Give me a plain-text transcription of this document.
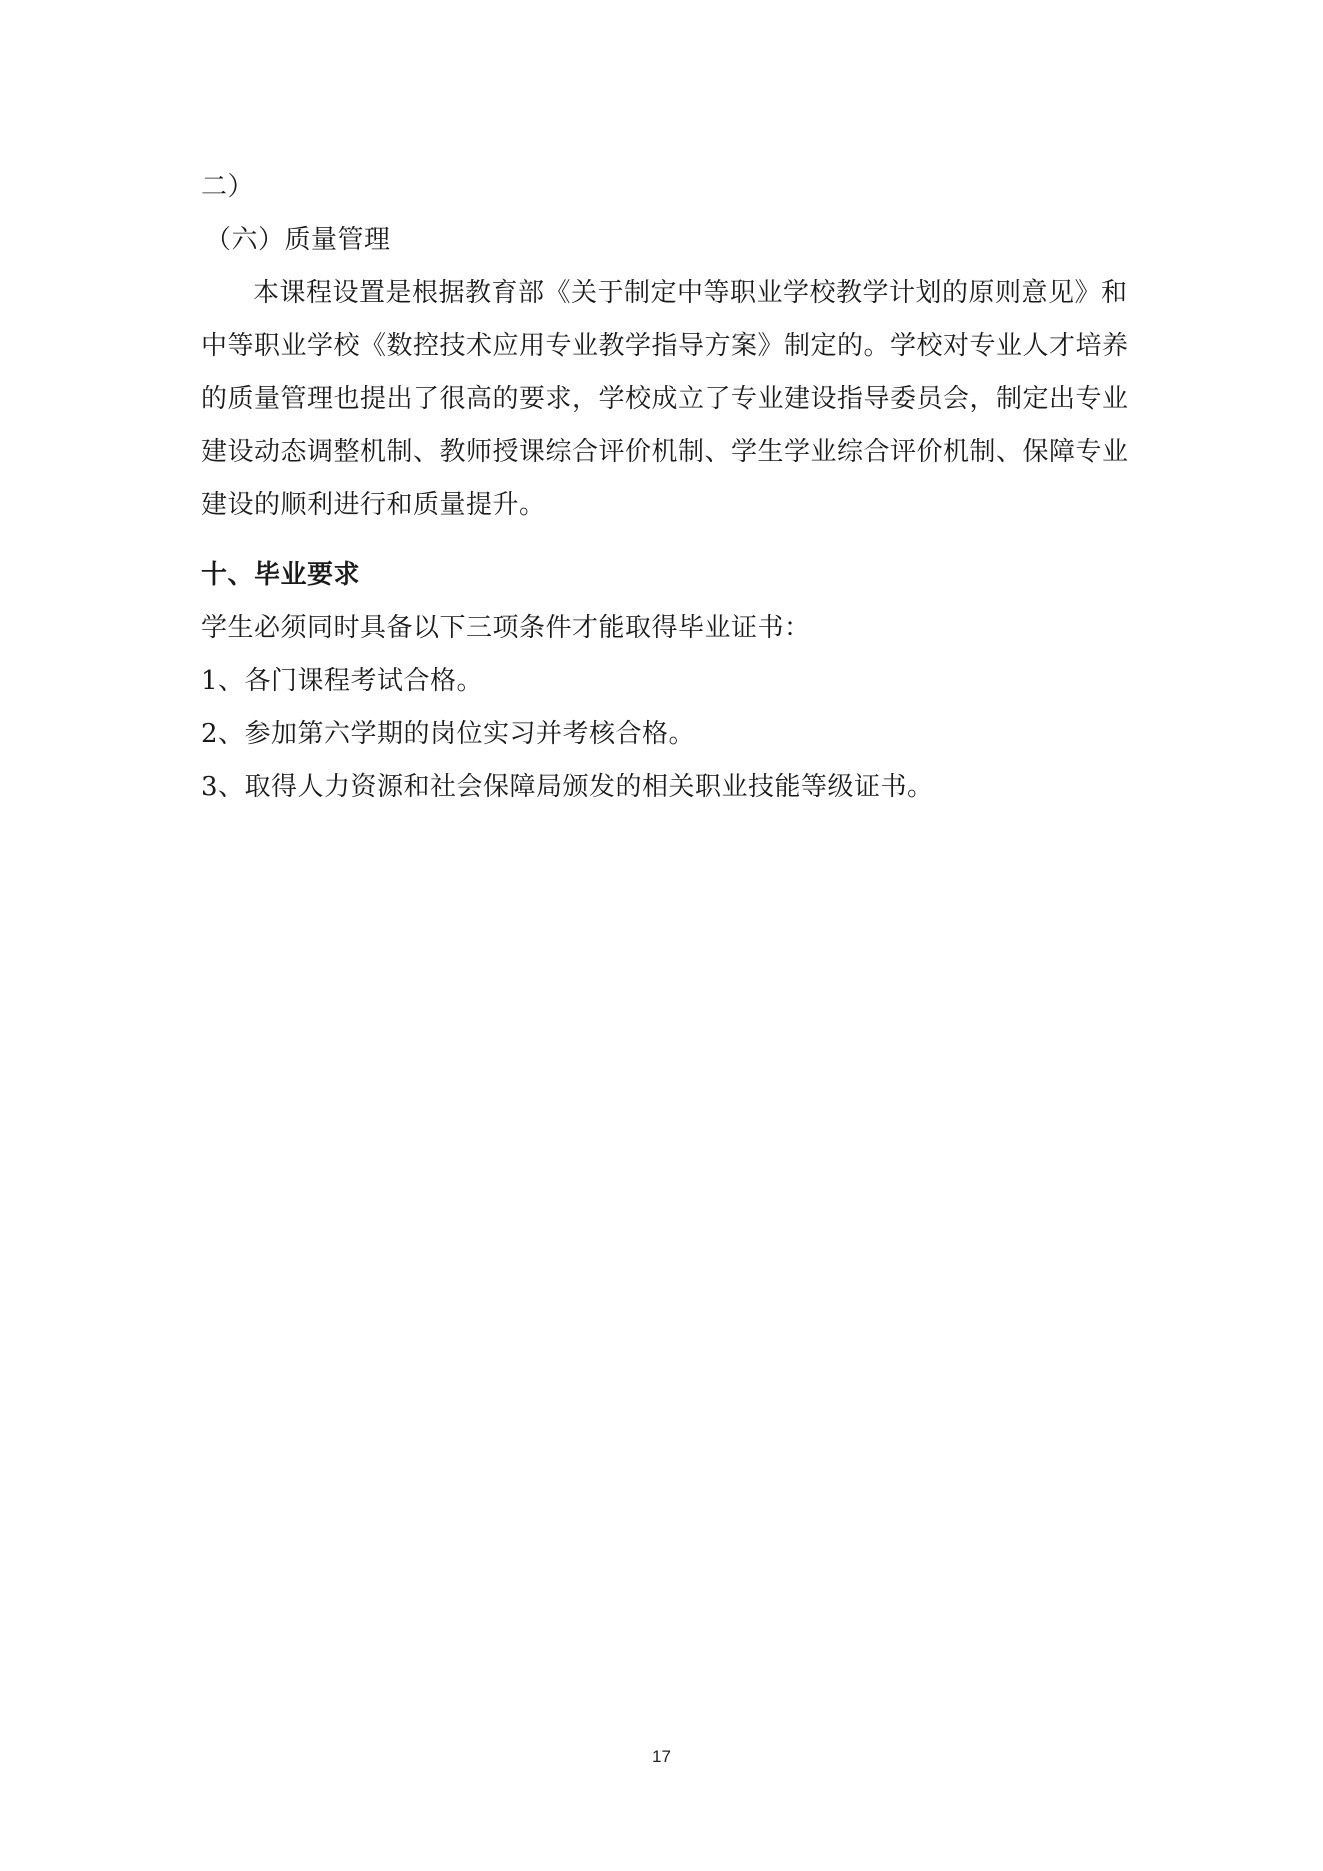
二）
（六）质量管理
本课程设置是根据教育部《关于制定中等职业学校教学计划的原则意见》和
中等职业学校《数控技术应用专业教学指导方案》制定的。学校对专业人才培养
的质量管理也提出了很高的要求，学校成立了专业建设指导委员会，制定出专业
建设动态调整机制、教师授课综合评价机制、学生学业综合评价机制、保障专业
建设的顺利进行和质量提升。
十、毕业要求
学生必须同时具备以下三项条件才能取得毕业证书：
1、各门课程考试合格。
2、参加第六学期的岗位实习并考核合格。
3、取得人力资源和社会保障局颁发的相关职业技能等级证书。
17
